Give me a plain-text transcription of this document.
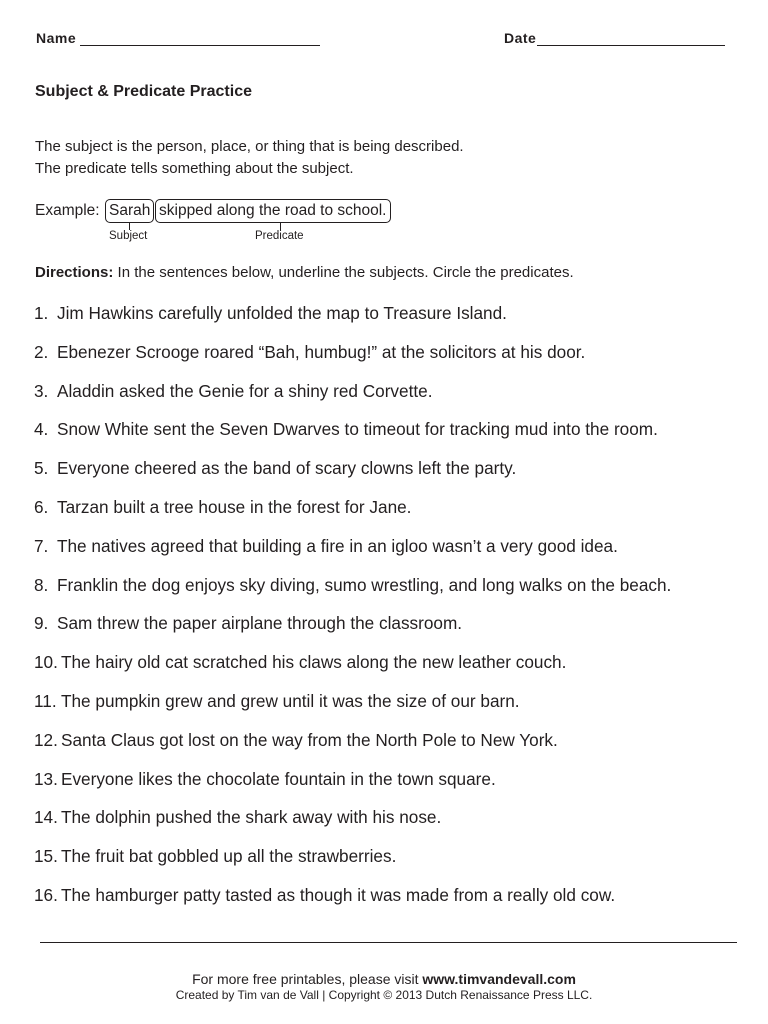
Name	Date
Subject & Predicate Practice

The subject is the person, place, or thing that is being described.

The predicate tells something about the subject.

Example: Sarah skipped along the road to school.
Subject	Predicate
Directions: In the sentences below, underline the subjects. Circle the predicates.
1. Jim Hawkins carefully unfolded the map to Treasure Island.
2. Ebenezer Scrooge roared “Bah, humbug!” at the solicitors at his door.
3. Aladdin asked the Genie for a shiny red Corvette.
4. Snow White sent the Seven Dwarves to timeout for tracking mud into the room.
5. Everyone cheered as the band of scary clowns left the party.
6. Tarzan built a tree house in the forest for Jane.
7. The natives agreed that building a fire in an igloo wasn’t a very good idea.
8. Franklin the dog enjoys sky diving, sumo wrestling, and long walks on the beach.
9. Sam threw the paper airplane through the classroom.
10. The hairy old cat scratched his claws along the new leather couch.
11. The pumpkin grew and grew until it was the size of our barn.
12. Santa Claus got lost on the way from the North Pole to New York.
13. Everyone likes the chocolate fountain in the town square.
14. The dolphin pushed the shark away with his nose.
15. The fruit bat gobbled up all the strawberries.
16. The hamburger patty tasted as though it was made from a really old cow.
For more free printables, please visit www.timvandevall.com
Created by Tim van de Vall | Copyright © 2013 Dutch Renaissance Press LLC.
